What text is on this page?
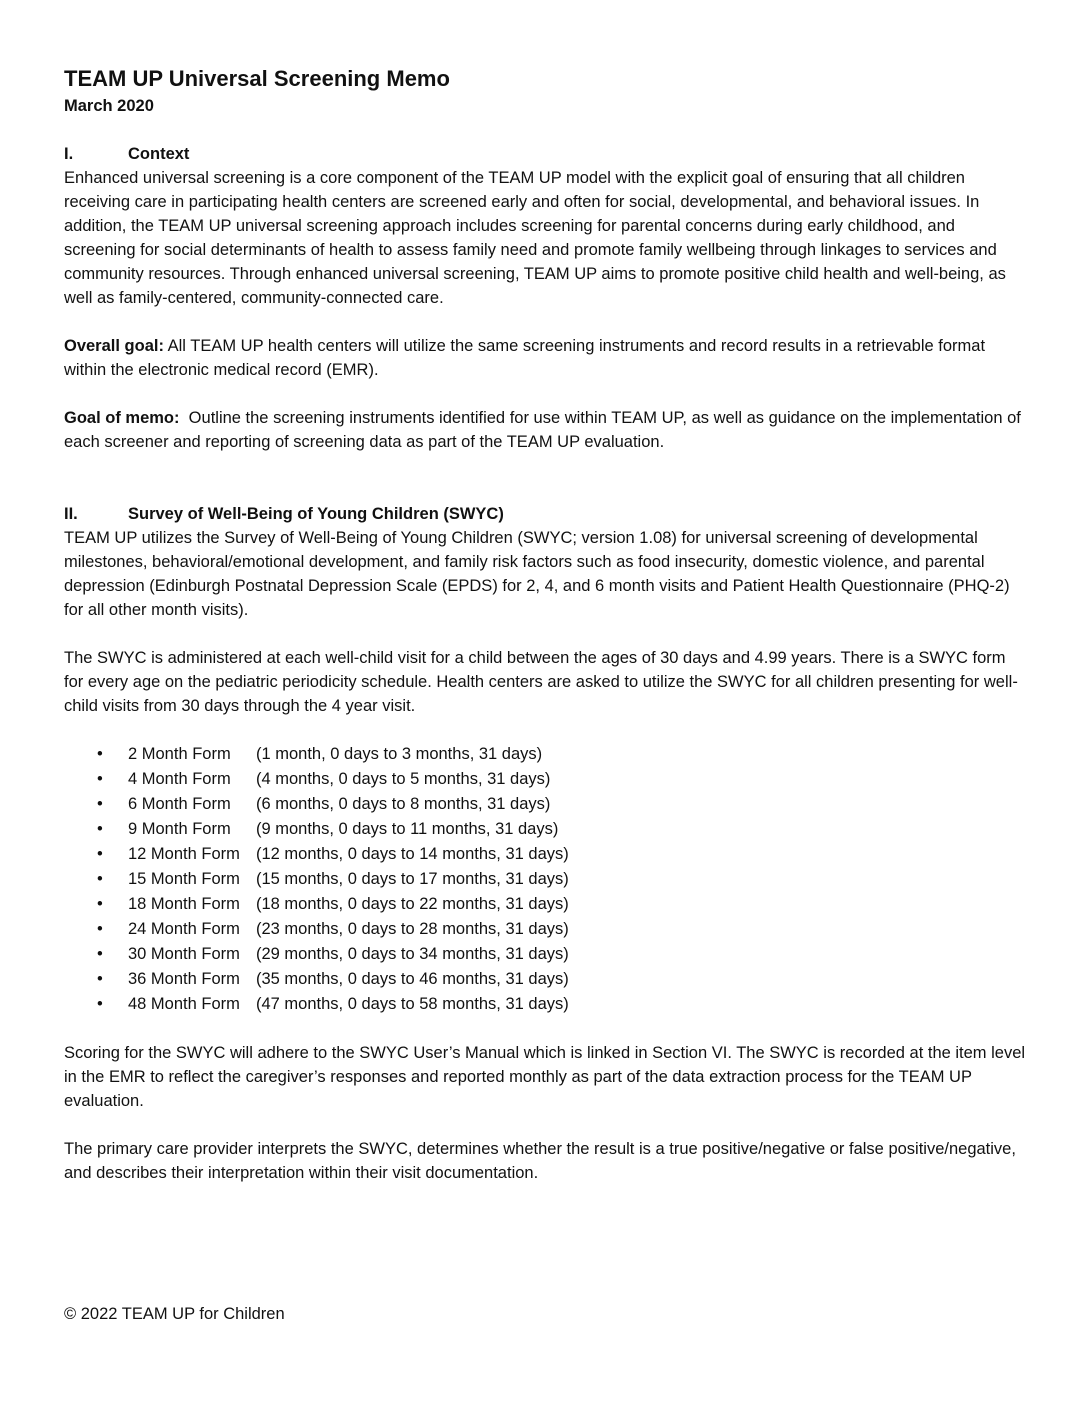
TEAM UP Universal Screening Memo
March 2020
I.	Context

Enhanced universal screening is a core component of the TEAM UP model with the explicit goal of ensuring that all children receiving care in participating health centers are screened early and often for social, developmental, and behavioral issues. In addition, the TEAM UP universal screening approach includes screening for parental concerns during early childhood, and screening for social determinants of health to assess family need and promote family wellbeing through linkages to services and community resources. Through enhanced universal screening, TEAM UP aims to promote positive child health and well-being, as well as family-centered, community-connected care.

Overall goal: All TEAM UP health centers will utilize the same screening instruments and record results in a retrievable format within the electronic medical record (EMR).

Goal of memo:  Outline the screening instruments identified for use within TEAM UP, as well as guidance on the implementation of each screener and reporting of screening data as part of the TEAM UP evaluation.

II.	Survey of Well-Being of Young Children (SWYC)

TEAM UP utilizes the Survey of Well-Being of Young Children (SWYC; version 1.08) for universal screening of developmental milestones, behavioral/emotional development, and family risk factors such as food insecurity, domestic violence, and parental depression (Edinburgh Postnatal Depression Scale (EPDS) for 2, 4, and 6 month visits and Patient Health Questionnaire (PHQ-2) for all other month visits).

The SWYC is administered at each well-child visit for a child between the ages of 30 days and 4.99 years. There is a SWYC form for every age on the pediatric periodicity schedule. Health centers are asked to utilize the SWYC for all children presenting for well-child visits from 30 days through the 4 year visit.

• 2 Month Form (1 month, 0 days to 3 months, 31 days)
• 4 Month Form (4 months, 0 days to 5 months, 31 days)
• 6 Month Form (6 months, 0 days to 8 months, 31 days)
• 9 Month Form (9 months, 0 days to 11 months, 31 days)
• 12 Month Form (12 months, 0 days to 14 months, 31 days)
• 15 Month Form (15 months, 0 days to 17 months, 31 days)
• 18 Month Form (18 months, 0 days to 22 months, 31 days)
• 24 Month Form (23 months, 0 days to 28 months, 31 days)
• 30 Month Form (29 months, 0 days to 34 months, 31 days)
• 36 Month Form (35 months, 0 days to 46 months, 31 days)
• 48 Month Form (47 months, 0 days to 58 months, 31 days)

Scoring for the SWYC will adhere to the SWYC User’s Manual which is linked in Section VI. The SWYC is recorded at the item level in the EMR to reflect the caregiver’s responses and reported monthly as part of the data extraction process for the TEAM UP evaluation.

The primary care provider interprets the SWYC, determines whether the result is a true positive/negative or false positive/negative, and describes their interpretation within their visit documentation.

© 2022 TEAM UP for Children
